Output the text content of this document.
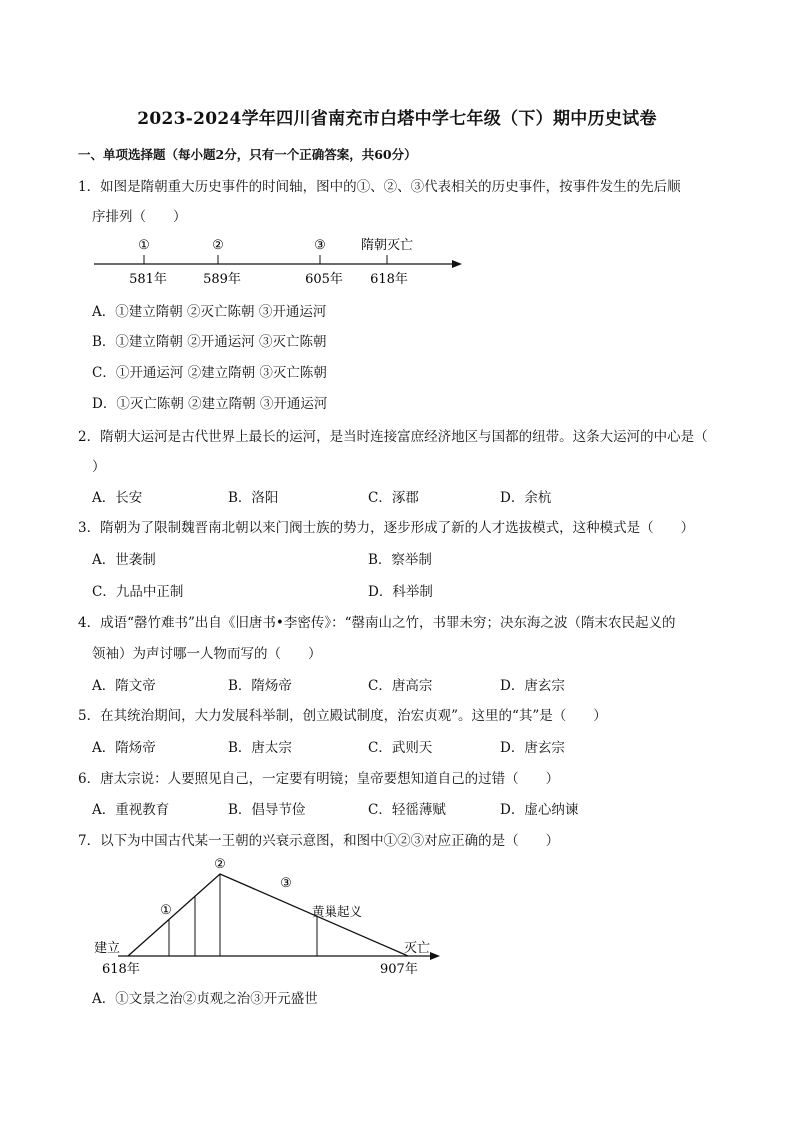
2023-2024学年四川省南充市白塔中学七年级（下）期中历史试卷
一、单项选择题（每小题2分，只有一个正确答案，共60分）
1．如图是隋朝重大历史事件的时间轴，图中的①、②、③代表相关的历史事件，按事件发生的先后顺
序排列（　　）
①	②	③	隋朝灭亡
581年	589年	605年 618年
A．①建立隋朝 ②灭亡陈朝 ③开通运河
B．①建立隋朝 ②开通运河 ③灭亡陈朝
C．①开通运河 ②建立隋朝 ③灭亡陈朝
D．①灭亡陈朝 ②建立隋朝 ③开通运河
2．隋朝大运河是古代世界上最长的运河，是当时连接富庶经济地区与国都的纽带。这条大运河的中心是（
）
A．长安	B．洛阳	C．涿郡	D．余杭
3．隋朝为了限制魏晋南北朝以来门阀士族的势力，逐步形成了新的人才选拔模式，这种模式是（　　）
A．世袭制	B．察举制
C．九品中正制	D．科举制
4．成语“罄竹难书”出自《旧唐书•李密传》：“罄南山之竹，书罪未穷；决东海之波（隋末农民起义的
领袖）为声讨哪一人物而写的（　　）
A．隋文帝	B．隋炀帝	C．唐高宗	D．唐玄宗
5．在其统治期间，大力发展科举制，创立殿试制度，治宏贞观”。这里的“其”是（　　）
A．隋炀帝	B．唐太宗	C．武则天	D．唐玄宗
6．唐太宗说：人要照见自己，一定要有明镜；皇帝要想知道自己的过错（　　）
A．重视教育	B．倡导节俭	C．轻徭薄赋	D．虚心纳谏
7．以下为中国古代某一王朝的兴衰示意图，和图中①②③对应正确的是（　　）
建立
618年
灭亡
907年
①
②
③
黄巢起义
A．①文景之治②贞观之治③开元盛世
